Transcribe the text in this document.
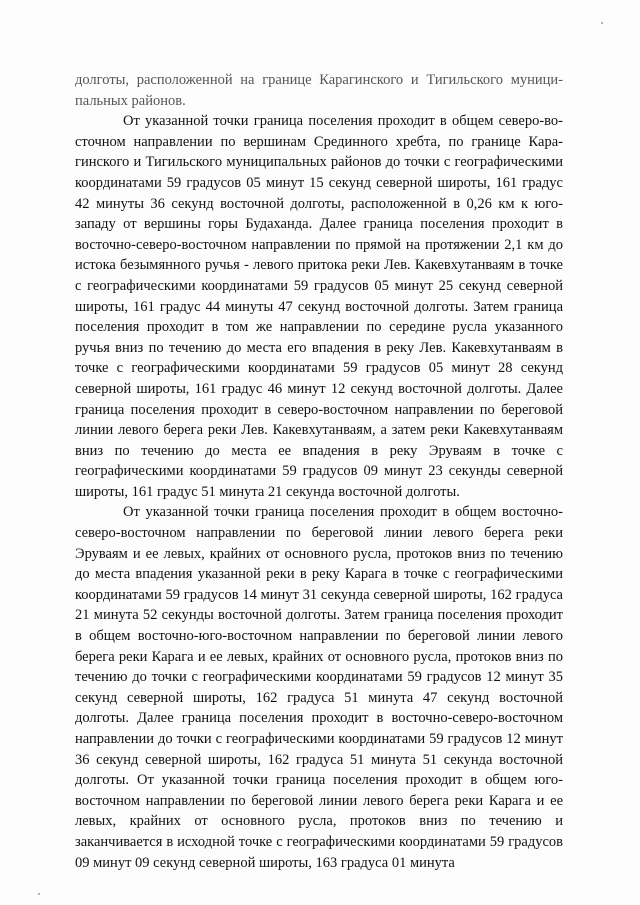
долготы, расположенной на границе Карагинского и Тигильского муниципальных районов.

От указанной точки граница поселения проходит в общем северо-восточном направлении по вершинам Срединного хребта, по границе Карагинского и Тигильского муниципальных районов до точки с географическими координатами 59 градусов 05 минут 15 секунд северной широты, 161 градус 42 минуты 36 секунд восточной долготы, расположенной в 0,26 км к юго-западу от вершины горы Будаханда. Далее граница поселения проходит в восточно-северо-восточном направлении по прямой на протяжении 2,1 км до истока безымянного ручья - левого притока реки Лев. Какевхутанваям в точке с географическими координатами 59 градусов 05 минут 25 секунд северной широты, 161 градус 44 минуты 47 секунд восточной долготы. Затем граница поселения проходит в том же направлении по середине русла указанного ручья вниз по течению до места его впадения в реку Лев. Какевхутанваям в точке с географическими координатами 59 градусов 05 минут 28 секунд северной широты, 161 градус 46 минут 12 секунд восточной долготы. Далее граница поселения проходит в северо-восточном направлении по береговой линии левого берега реки Лев. Какевхутанваям, а затем реки Какевхутанваям вниз по течению до места ее впадения в реку Эруваям в точке с географическими координатами 59 градусов 09 минут 23 секунды северной широты, 161 градус 51 минута 21 секунда восточной долготы.

От указанной точки граница поселения проходит в общем восточно-северо-восточном направлении по береговой линии левого берега реки Эруваям и ее левых, крайних от основного русла, протоков вниз по течению до места впадения указанной реки в реку Карага в точке с географическими координатами 59 градусов 14 минут 31 секунда северной широты, 162 градуса 21 минута 52 секунды восточной долготы. Затем граница поселения проходит в общем восточно-юго-восточном направлении по береговой линии левого берега реки Карага и ее левых, крайних от основного русла, протоков вниз по течению до точки с географическими координатами 59 градусов 12 минут 35 секунд северной широты, 162 градуса 51 минута 47 секунд восточной долготы. Далее граница поселения проходит в восточно-северо-восточном направлении до точки с географическими координатами 59 градусов 12 минут 36 секунд северной широты, 162 градуса 51 минута 51 секунда восточной долготы. От указанной точки граница поселения проходит в общем юго-восточном направлении по береговой линии левого берега реки Карага и ее левых, крайних от основного русла, протоков вниз по течению и заканчивается в исходной точке с географическими координатами 59 градусов 09 минут 09 секунд северной широты, 163 градуса 01 минута
